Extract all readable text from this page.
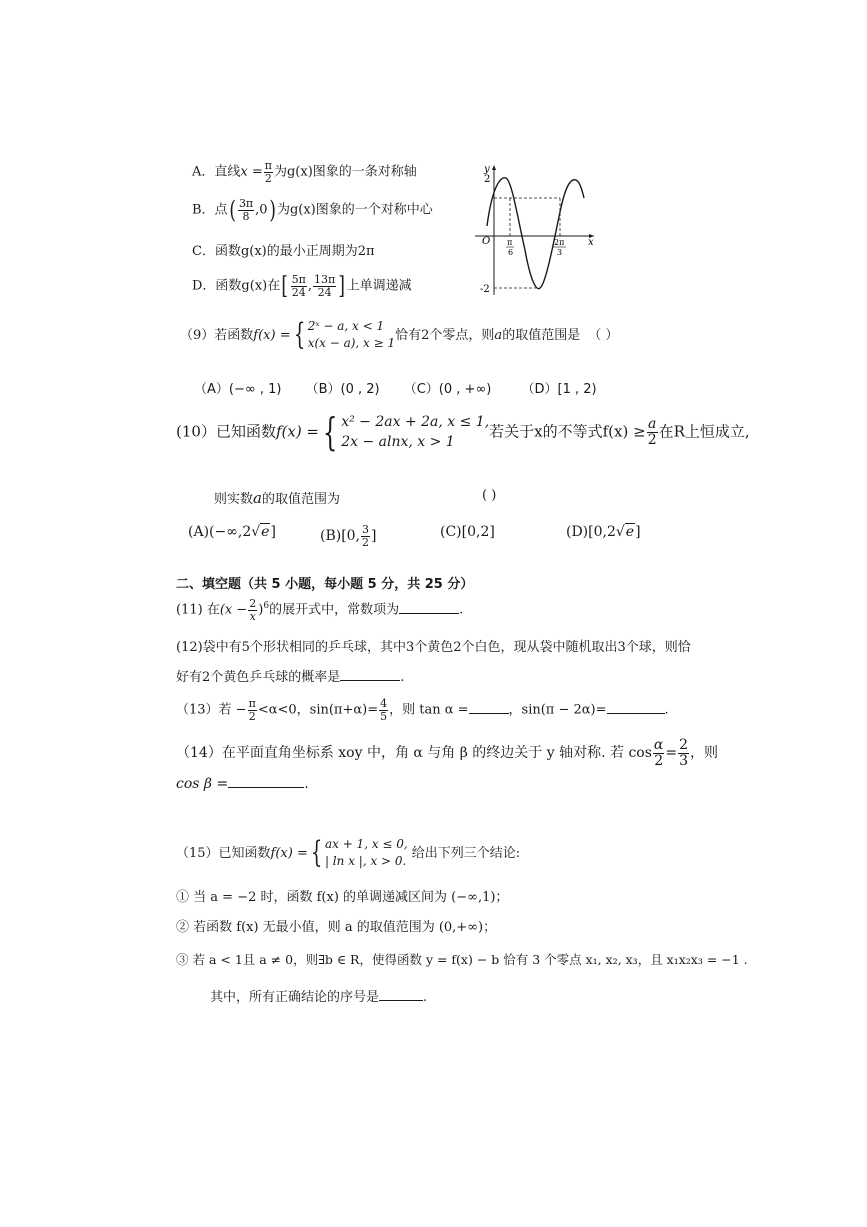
A．直线$x = \frac{\pi}{2}$ 为g(x)图象的一条对称轴
B．点( $\frac{3\pi}{8} ,0$)为g(x)图象的一个对称中心
C．函数g(x)的最小正周期为2π
D．函数g(x)在[ $\frac{5\pi}{24}$ , $\frac{13\pi}{24}$ ]上单调递减
y
2
-2
O	x
π
6
2π
3
（9）若函数f(x) ={ 2ˣ − a, x < 1
x(x − a), x ≥ 1
恰有2个零点，则a的取值范围是 （ ）
（A）(−∞ , 1) （B）(0 , 2) （C）(0 , +∞) （D）[1 , 2)
(10）已知函数f(x) = { x² − 2ax + 2a, x ≤ 1,
2x − alnx, x > 1
若关于x的不等式$f(x) \ge \frac{a}{2}$ 在R上恒成立,
则实数a的取值范围为	( )
(A)(−∞,2√e]	(B)[0, $\frac{3}{2}$ ]	(C)[0,2]	(D)[0,2√e]
二、填空题（共 5 小题，每小题 5 分，共 25 分）
(11) 在$(x - \frac{2}{x} )^6$的展开式中，常数项为	.
(12)袋中有5个形状相同的乒乓球，其中3个黄色2个白色，现从袋中随机取出3个球，则恰
好有2个黄色乒乓球的概率是	.
（13）若 − $\frac{\pi}{2} <\alpha<0$，$\sin(\pi+\alpha)= \frac{4}{5}$ ，则 tan α =	，sin(π − 2α)=	.
（14）在平面直角坐标系 xoy 中，角 α 与角 β 的终边关于 y 轴对称. 若 $\cos \frac{\alpha}{2} = \frac{2}{3}$ ，则
cos β =	.
（15）已知函数f(x) ={ ax + 1, x ≤ 0,
| ln x |, x > 0.
给出下列三个结论:
① 当 a = −2 时，函数 f(x) 的单调递减区间为 (−∞,1)；
② 若函数 f(x) 无最小值，则 a 的取值范围为 (0,+∞)；
③ 若 a < 1且 a ≠ 0，则∃b ∈ R，使得函数 y = f(x) − b 恰有 3 个零点 x₁, x₂, x₃，且 x₁x₂x₃ = −1 .
其中，所有正确结论的序号是	.
